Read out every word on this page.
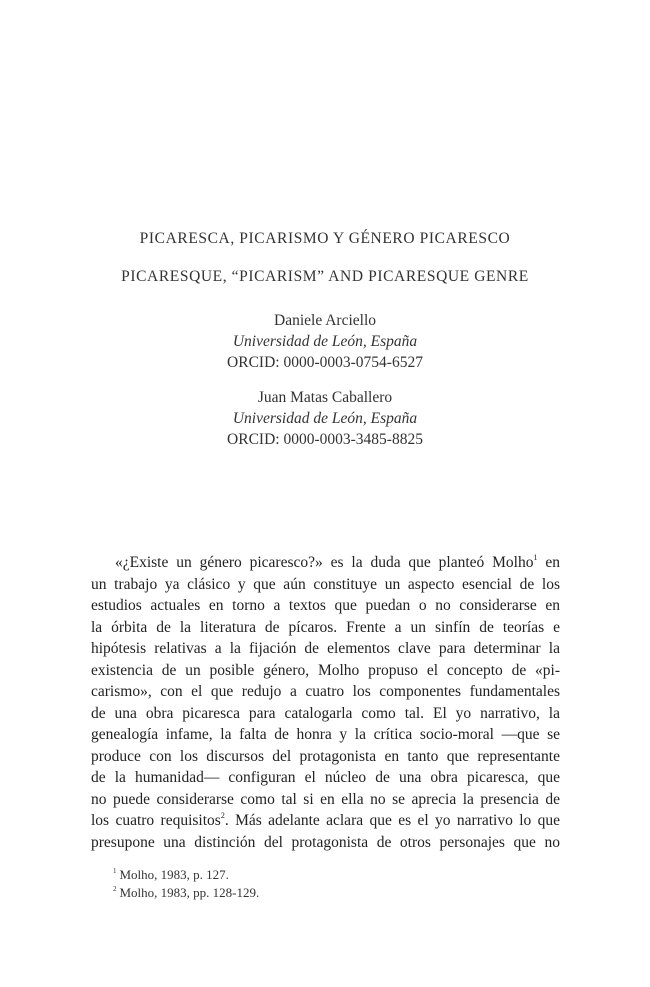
PICARESCA, PICARISMO Y GÉNERO PICARESCO
PICARESQUE, “PICARISM” AND PICARESQUE GENRE
Daniele Arciello
Universidad de León, España
ORCID: 0000-0003-0754-6527
Juan Matas Caballero
Universidad de León, España
ORCID: 0000-0003-3485-8825
«¿Existe un género picaresco?» es la duda que planteó Molho$^1$ en
un trabajo ya clásico y que aún constituye un aspecto esencial de los
estudios actuales en torno a textos que puedan o no considerarse en
la órbita de la literatura de pícaros. Frente a un sinfín de teorías e
hipótesis relativas a la fijación de elementos clave para determinar la
existencia de un posible género, Molho propuso el concepto de «pi-
carismo», con el que redujo a cuatro los componentes fundamentales
de una obra picaresca para catalogarla como tal. El yo narrativo, la
genealogía infame, la falta de honra y la crítica socio-moral —que se
produce con los discursos del protagonista en tanto que representante
de la humanidad— configuran el núcleo de una obra picaresca, que
no puede considerarse como tal si en ella no se aprecia la presencia de
los cuatro requisitos$^2$. Más adelante aclara que es el yo narrativo lo que
presupone una distinción del protagonista de otros personajes que no
$^1$ Molho, 1983, p. 127.
$^2$ Molho, 1983, pp. 128-129.
